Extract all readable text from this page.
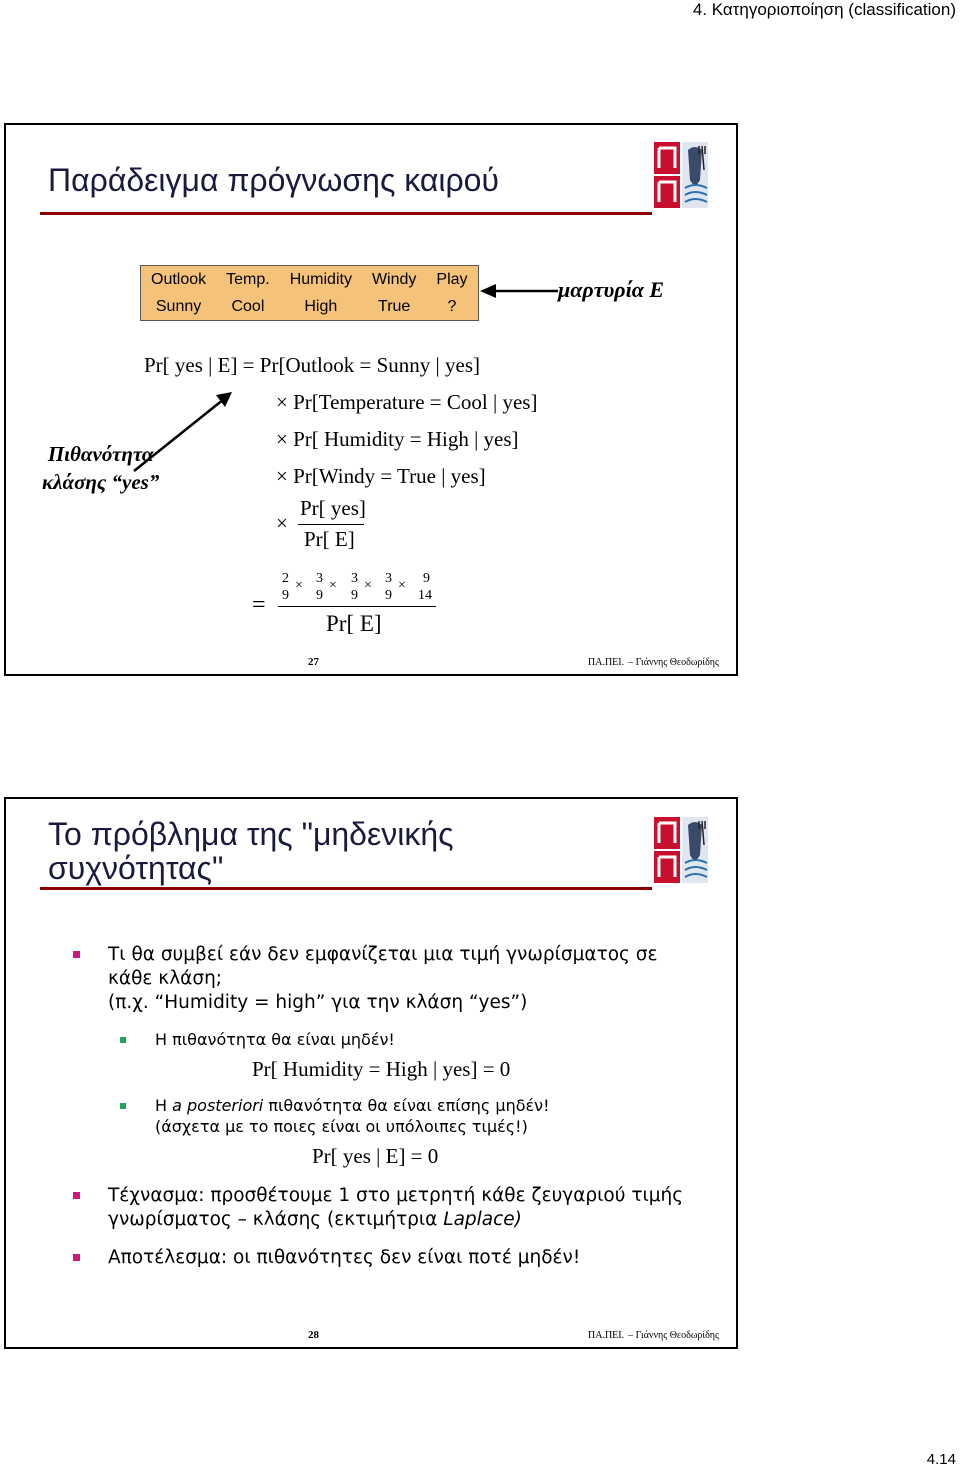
4. Κατηγοριοποίηση (classification)
Παράδειγμα πρόγνωσης καιρού
Outlook	Temp.	Humidity	Windy	Play
Sunny	Cool	High	True	?
μαρτυρία E
Πιθανότητα
κλάσης “yes”
Pr[ yes | E] = Pr[Outlook = Sunny | yes]
× Pr[Temperature = Cool | yes]
× Pr[ Humidity = High | yes]
× Pr[Windy = True | yes]
×
Pr[ yes]
Pr[ E]
=
2
9
× 3
9
× 3
9
× 3
9
× 9
14
Pr[ E]
27	ΠΑ.ΠΕΙ. – Γιάννης Θεοδωρίδης
Το πρόβλημα της "μηδενικής
συχνότητας"
Τι θα συμβεί εάν δεν εμφανίζεται μια τιμή γνωρίσματος σε
κάθε κλάση;
(π.χ. “Humidity = high” για την κλάση “yes”)
Η πιθανότητα θα είναι μηδέν!
Pr[ Humidity = High | yes] = 0
Η a posteriori πιθανότητα θα είναι επίσης μηδέν!
(άσχετα με το ποιες είναι οι υπόλοιπες τιμές!)
Pr[ yes | E] = 0
Τέχνασμα: προσθέτουμε 1 στο μετρητή κάθε ζευγαριού τιμής
γνωρίσματος – κλάσης (εκτιμήτρια Laplace)
Αποτέλεσμα: οι πιθανότητες δεν είναι ποτέ μηδέν!
28	ΠΑ.ΠΕΙ. – Γιάννης Θεοδωρίδης
4.14
